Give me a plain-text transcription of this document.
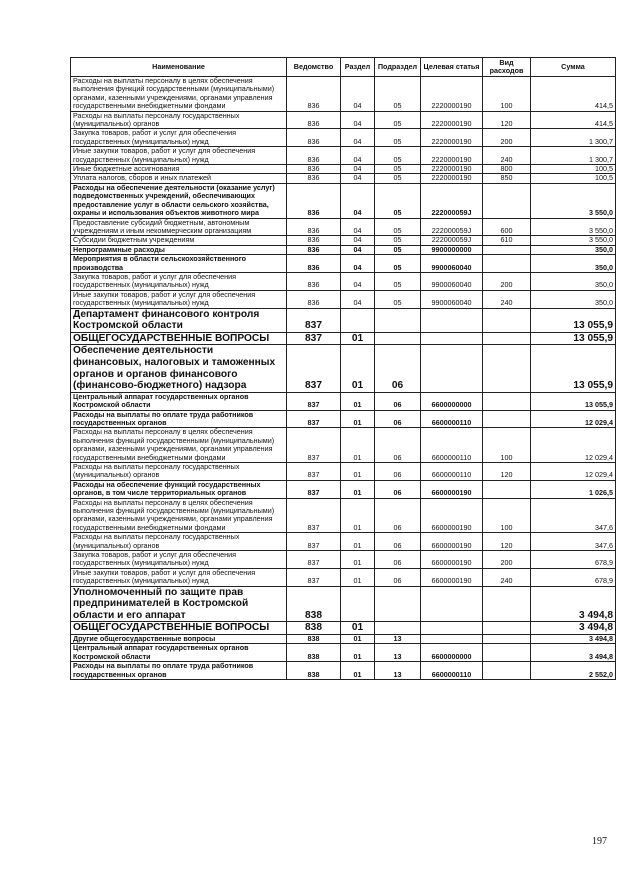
Наименование	Ведомство	Раздел	Подраздел	Целевая статья	Вид расходов	Сумма
Расходы на выплаты персоналу в целях обеспечения выполнения функций государственными (муниципальными) органами, казенными учреждениями, органами управления государственными внебюджетными фондами	836	04	05	2220000190	100	414,5
Расходы на выплаты персоналу государственных (муниципальных) органов	836	04	05	2220000190	120	414,5
Закупка товаров, работ и услуг для обеспечения государственных (муниципальных) нужд	836	04	05	2220000190	200	1 300,7
Иные закупки товаров, работ и услуг для обеспечения государственных (муниципальных) нужд	836	04	05	2220000190	240	1 300,7
Иные бюджетные ассигнования	836	04	05	2220000190	800	100,5
Уплата налогов, сборов и иных платежей	836	04	05	2220000190	850	100,5
Расходы на обеспечение деятельности (оказание услуг) подведомственных учреждений, обеспечивающих предоставление услуг в области сельского хозяйства, охраны и использования объектов животного мира	836	04	05	222000059J		3 550,0
Предоставление субсидий бюджетным, автономным учреждениям и иным некоммерческим организациям	836	04	05	222000059J	600	3 550,0
Субсидии бюджетным учреждениям	836	04	05	222000059J	610	3 550,0
Непрограммные расходы	836	04	05	9900000000		350,0
Мероприятия в области сельскохозяйственного производства	836	04	05	9900060040		350,0
Закупка товаров, работ и услуг для обеспечения государственных (муниципальных) нужд	836	04	05	9900060040	200	350,0
Иные закупки товаров, работ и услуг для обеспечения государственных (муниципальных) нужд	836	04	05	9900060040	240	350,0
Департамент финансового контроля Костромской области	837					13 055,9
ОБЩЕГОСУДАРСТВЕННЫЕ ВОПРОСЫ	837	01				13 055,9
Обеспечение деятельности финансовых, налоговых и таможенных органов и органов финансового (финансово-бюджетного) надзора	837	01	06			13 055,9
Центральный аппарат государственных органов Костромской области	837	01	06	6600000000		13 055,9
Расходы на выплаты по оплате труда работников государственных органов	837	01	06	6600000110		12 029,4
Расходы на выплаты персоналу в целях обеспечения выполнения функций государственными (муниципальными) органами, казенными учреждениями, органами управления государственными внебюджетными фондами	837	01	06	6600000110	100	12 029,4
Расходы на выплаты персоналу государственных (муниципальных) органов	837	01	06	6600000110	120	12 029,4
Расходы на обеспечение функций государственных органов, в том числе территориальных органов	837	01	06	6600000190		1 026,5
Расходы на выплаты персоналу в целях обеспечения выполнения функций государственными (муниципальными) органами, казенными учреждениями, органами управления государственными внебюджетными фондами	837	01	06	6600000190	100	347,6
Расходы на выплаты персоналу государственных (муниципальных) органов	837	01	06	6600000190	120	347,6
Закупка товаров, работ и услуг для обеспечения государственных (муниципальных) нужд	837	01	06	6600000190	200	678,9
Иные закупки товаров, работ и услуг для обеспечения государственных (муниципальных) нужд	837	01	06	6600000190	240	678,9
Уполномоченный по защите прав предпринимателей в Костромской области и его аппарат	838					3 494,8
ОБЩЕГОСУДАРСТВЕННЫЕ ВОПРОСЫ	838	01				3 494,8
Другие общегосударственные вопросы	838	01	13			3 494,8
Центральный аппарат государственных органов Костромской области	838	01	13	6600000000		3 494,8
Расходы на выплаты по оплате труда работников государственных органов	838	01	13	6600000110		2 552,0
197
